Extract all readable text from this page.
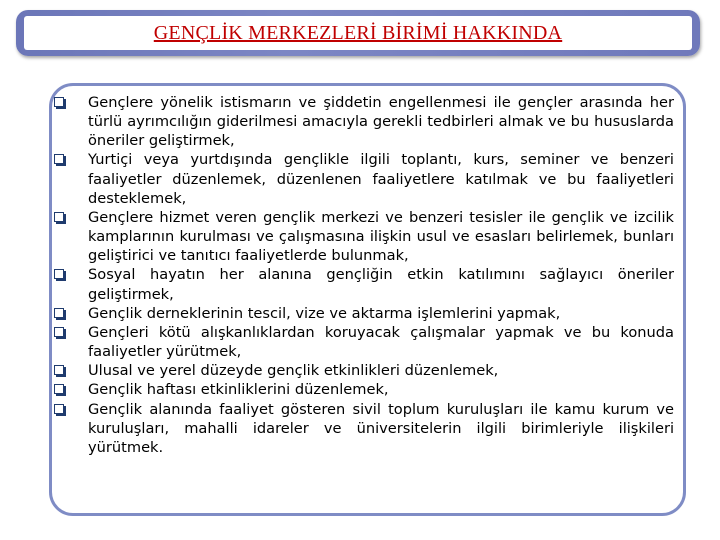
GENÇLİK MERKEZLERİ BİRİMİ HAKKINDA
Gençlere yönelik istismarın ve şiddetin engellenmesi ile gençler arasında her türlü ayrımcılığın giderilmesi amacıyla gerekli tedbirleri almak ve bu hususlarda öneriler geliştirmek,
Yurtiçi veya yurtdışında gençlikle ilgili toplantı, kurs, seminer ve benzeri faaliyetler düzenlemek, düzenlenen faaliyetlere katılmak ve bu faaliyetleri desteklemek,
Gençlere hizmet veren gençlik merkezi ve benzeri tesisler ile gençlik ve izcilik kamplarının kurulması ve çalışmasına ilişkin usul ve esasları belirlemek, bunları geliştirici ve tanıtıcı faaliyetlerde bulunmak,
Sosyal hayatın her alanına gençliğin etkin katılımını sağlayıcı öneriler geliştirmek,
Gençlik derneklerinin tescil, vize ve aktarma işlemlerini yapmak,
Gençleri kötü alışkanlıklardan koruyacak çalışmalar yapmak ve bu konuda faaliyetler yürütmek,
Ulusal ve yerel düzeyde gençlik etkinlikleri düzenlemek,
Gençlik haftası etkinliklerini düzenlemek,
Gençlik alanında faaliyet gösteren sivil toplum kuruluşları ile kamu kurum ve kuruluşları, mahalli idareler ve üniversitelerin ilgili birimleriyle ilişkileri yürütmek.
